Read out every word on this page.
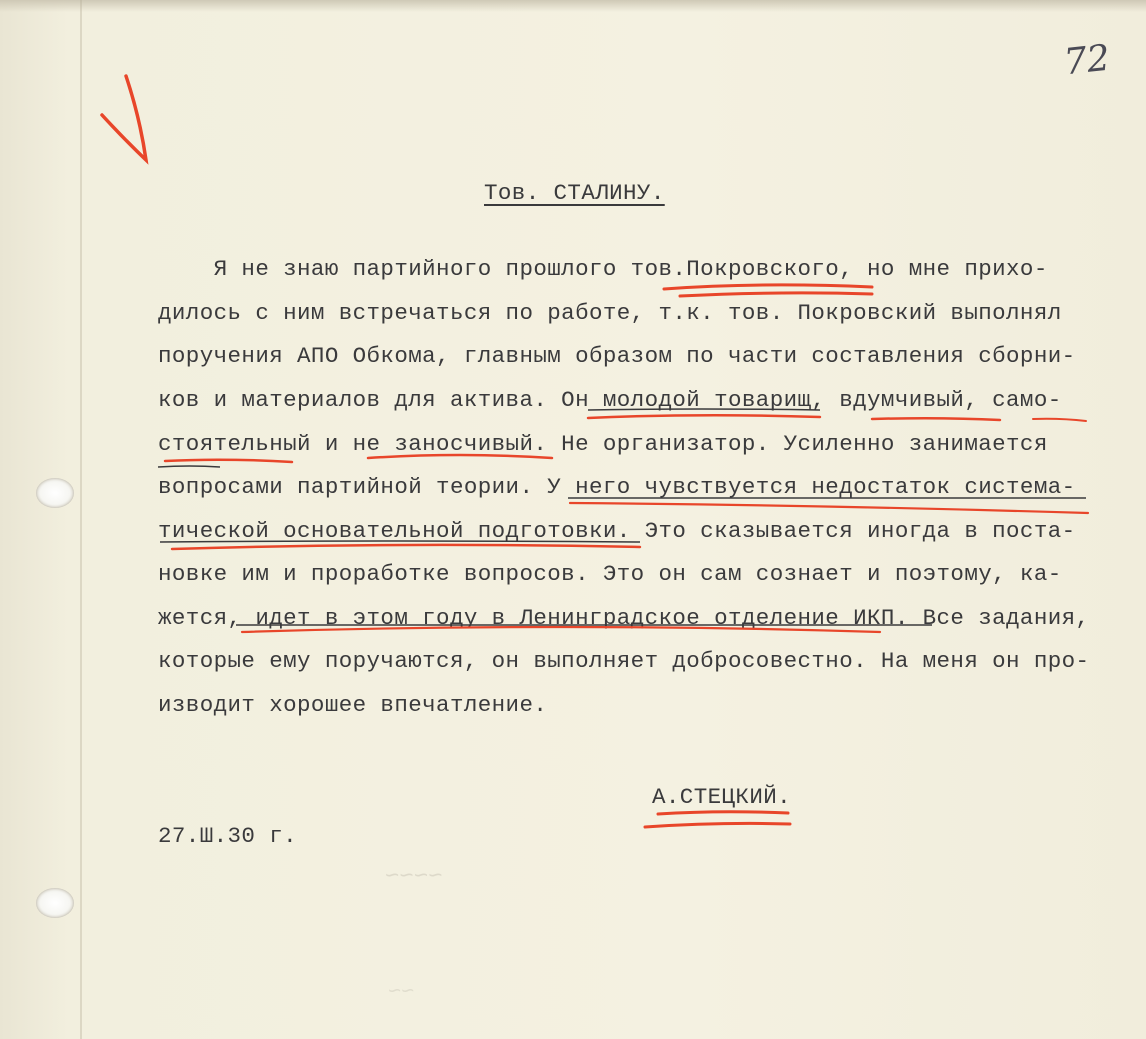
72
Тов. СТАЛИНУ.
Я не знаю партийного прошлого тов.Покровского, но мне прихо-
дилось с ним встречаться по работе, т.к. тов. Покровский выполнял
поручения АПО Обкома, главным образом по части составления сборни-
ков и материалов для актива. Он молодой товарищ, вдумчивый, само-
стоятельный и не заносчивый. Не организатор. Усиленно занимается
вопросами партийной теории. У него чувствуется недостаток система-
тической основательной подготовки. Это сказывается иногда в поста-
новке им и проработке вопросов. Это он сам сознает и поэтому, ка-
жется, идет в этом году в Ленинградское отделение ИКП. Все задания,
которые ему поручаются, он выполняет добросовестно. На меня он про-
изводит хорошее впечатление.
А.СТЕЦКИЙ.
27.Ш.30 г.
~~~~
~~
